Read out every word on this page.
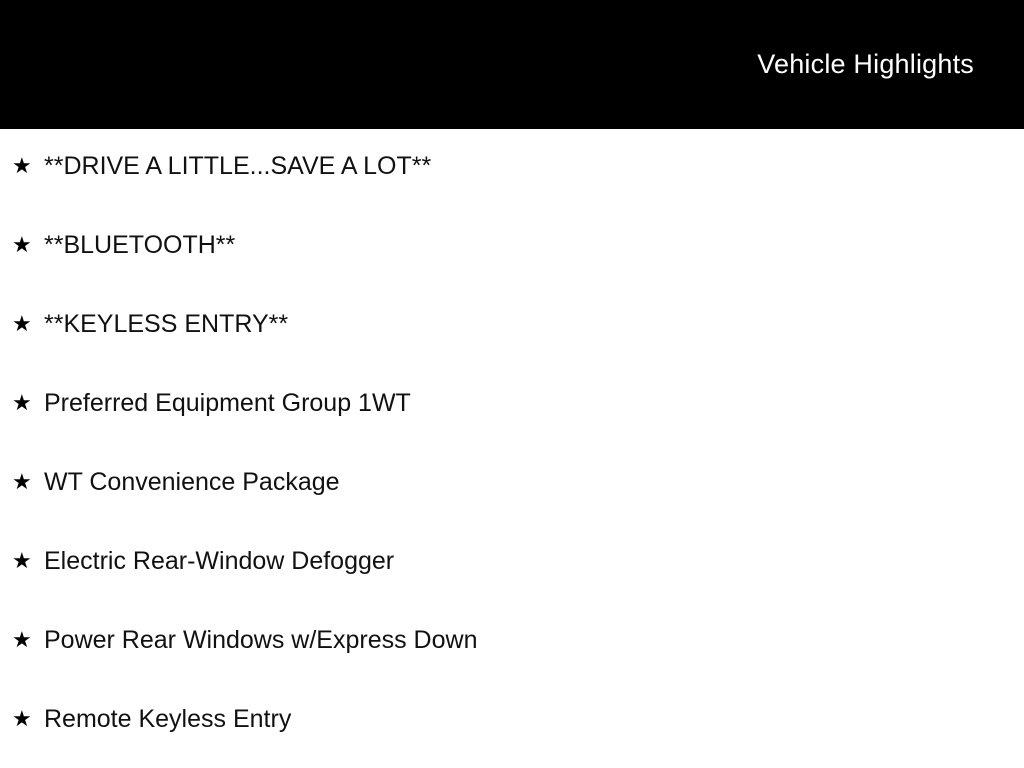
Vehicle Highlights
★ **DRIVE A LITTLE...SAVE A LOT**
★ **BLUETOOTH**
★ **KEYLESS ENTRY**
★ Preferred Equipment Group 1WT
★ WT Convenience Package
★ Electric Rear-Window Defogger
★ Power Rear Windows w/Express Down
★ Remote Keyless Entry
